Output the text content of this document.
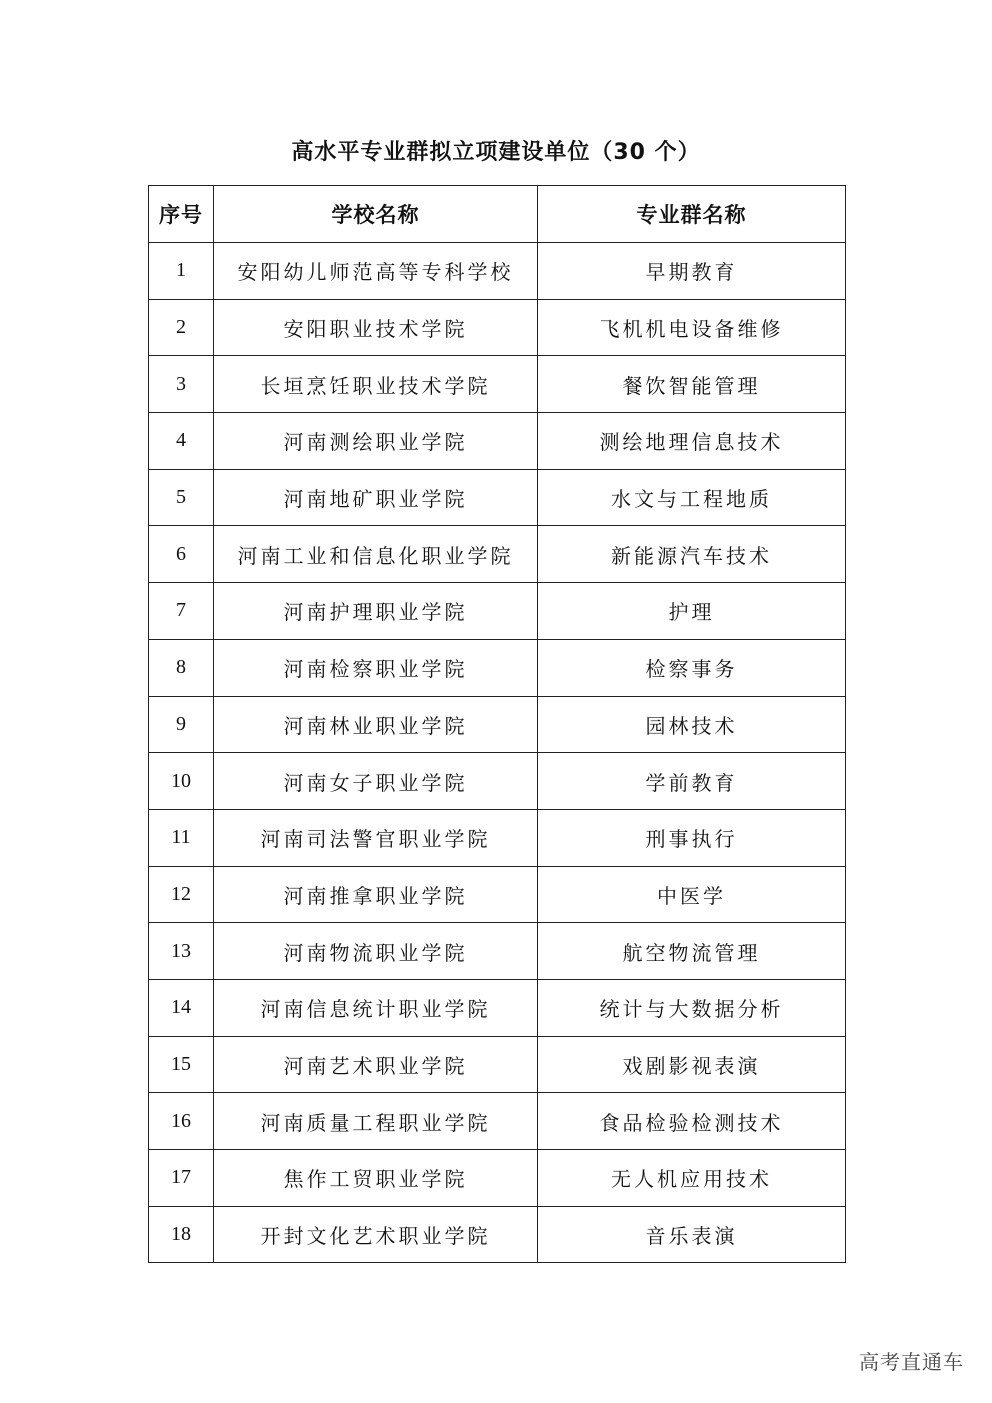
高水平专业群拟立项建设单位（30 个）
序号	学校名称	专业群名称
1	安阳幼儿师范高等专科学校	早期教育
2	安阳职业技术学院	飞机机电设备维修
3	长垣烹饪职业技术学院	餐饮智能管理
4	河南测绘职业学院	测绘地理信息技术
5	河南地矿职业学院	水文与工程地质
6	河南工业和信息化职业学院	新能源汽车技术
7	河南护理职业学院	护理
8	河南检察职业学院	检察事务
9	河南林业职业学院	园林技术
10	河南女子职业学院	学前教育
11	河南司法警官职业学院	刑事执行
12	河南推拿职业学院	中医学
13	河南物流职业学院	航空物流管理
14	河南信息统计职业学院	统计与大数据分析
15	河南艺术职业学院	戏剧影视表演
16	河南质量工程职业学院	食品检验检测技术
17	焦作工贸职业学院	无人机应用技术
18	开封文化艺术职业学院	音乐表演
高考直通车
